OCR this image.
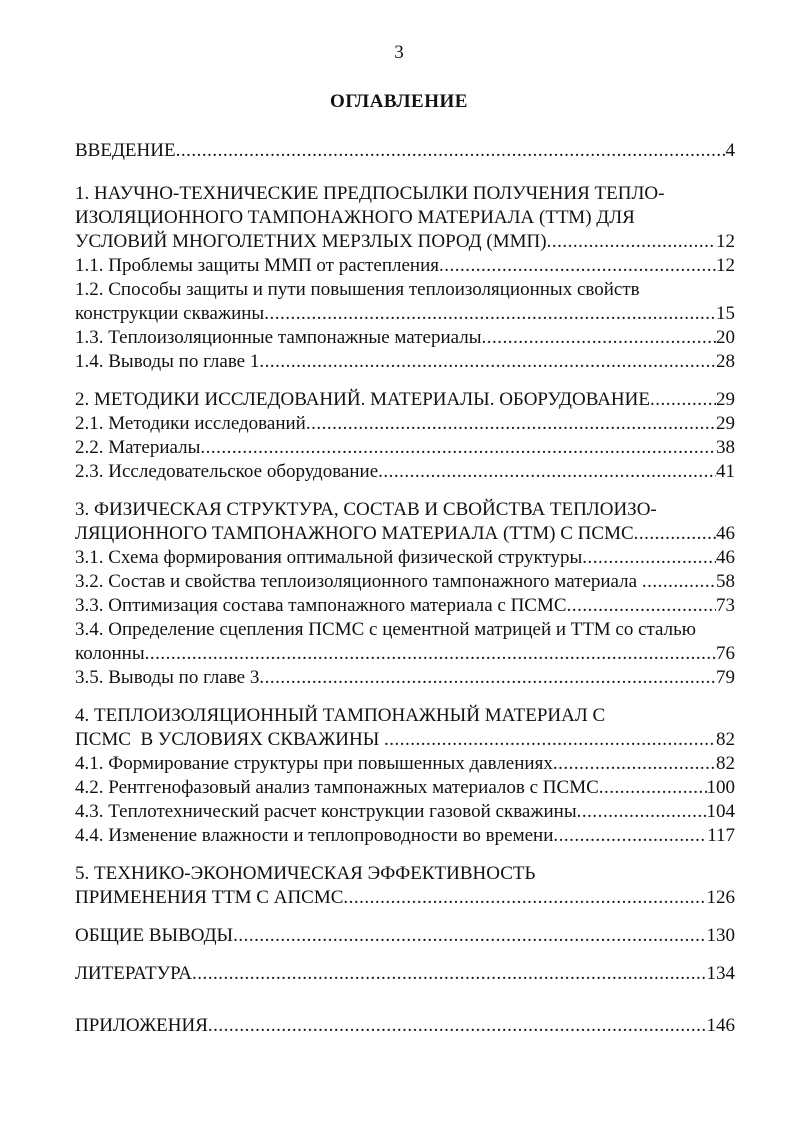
3
ОГЛАВЛЕНИЕ
ВВЕДЕНИЕ .....	4
1. НАУЧНО-ТЕХНИЧЕСКИЕ ПРЕДПОСЫЛКИ ПОЛУЧЕНИЯ ТЕПЛО-
ИЗОЛЯЦИОННОГО ТАМПОНАЖНОГО МАТЕРИАЛА (ТТМ) ДЛЯ
УСЛОВИЙ МНОГОЛЕТНИХ МЕРЗЛЫХ ПОРОД (ММП) .....	12
1.1. Проблемы защиты ММП от растепления .....	12
1.2. Способы защиты и пути повышения теплоизоляционных свойств
конструкции скважины .....	15
1.3. Теплоизоляционные тампонажные материалы .....	20
1.4. Выводы по главе 1 .....	28
2. МЕТОДИКИ ИССЛЕДОВАНИЙ. МАТЕРИАЛЫ. ОБОРУДОВАНИЕ .....	29
2.1. Методики исследований .....	29
2.2. Материалы .....	38
2.3. Исследовательское оборудование .....	41
3. ФИЗИЧЕСКАЯ СТРУКТУРА, СОСТАВ И СВОЙСТВА ТЕПЛОИЗО-
ЛЯЦИОННОГО ТАМПОНАЖНОГО МАТЕРИАЛА (ТТМ) С ПСМС .....	46
3.1. Схема формирования оптимальной физической структуры .....	46
3.2. Состав и свойства теплоизоляционного тампонажного материала .....	58
3.3. Оптимизация состава тампонажного материала с ПСМС .....	73
3.4. Определение сцепления ПСМС с цементной матрицей и ТТМ со сталью
колонны .....	76
3.5. Выводы по главе 3 .....	79
4. ТЕПЛОИЗОЛЯЦИОННЫЙ ТАМПОНАЖНЫЙ МАТЕРИАЛ С
ПСМС  В УСЛОВИЯХ СКВАЖИНЫ .....	82
4.1. Формирование структуры при повышенных давлениях .....	82
4.2. Рентгенофазовый анализ тампонажных материалов с ПСМС .....	100
4.3. Теплотехнический расчет конструкции газовой скважины .....	104
4.4. Изменение влажности и теплопроводности во времени .....	117
5. ТЕХНИКО-ЭКОНОМИЧЕСКАЯ ЭФФЕКТИВНОСТЬ
ПРИМЕНЕНИЯ ТТМ С АПСМС .....	126
ОБЩИЕ ВЫВОДЫ .....	130
ЛИТЕРАТУРА .....	134
ПРИЛОЖЕНИЯ .....	146
